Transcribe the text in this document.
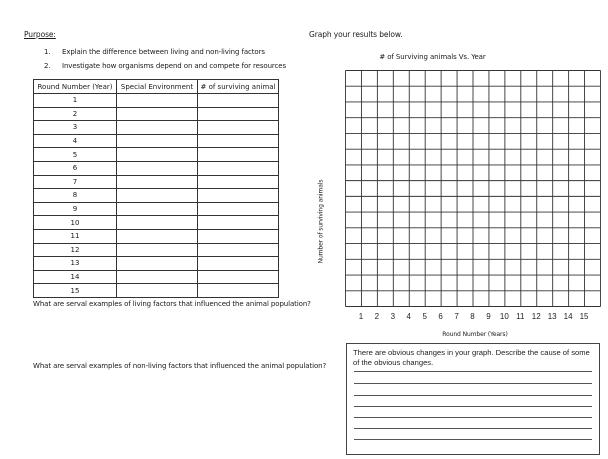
Purpose:
1.	Explain the difference between living and non-living factors
2.	Investigate how organisms depend on and compete for resources
Round Number (Year)	Special Environment	# of surviving animal
1		
2		
3		
4		
5		
6		
7		
8		
9		
10		
11		
12		
13		
14		
15		
What are serval examples of living factors that influenced the animal population?
What are serval examples of non-living factors that influenced the animal population?
Graph your results below.
# of Surviving animals Vs. Year
Number of surviving animals
1	2	3	4	5	6	7	8	9	10 11 12 13 14 15
Round Number (Years)
There are obvious changes in your graph. Describe the cause of some of the obvious changes.
